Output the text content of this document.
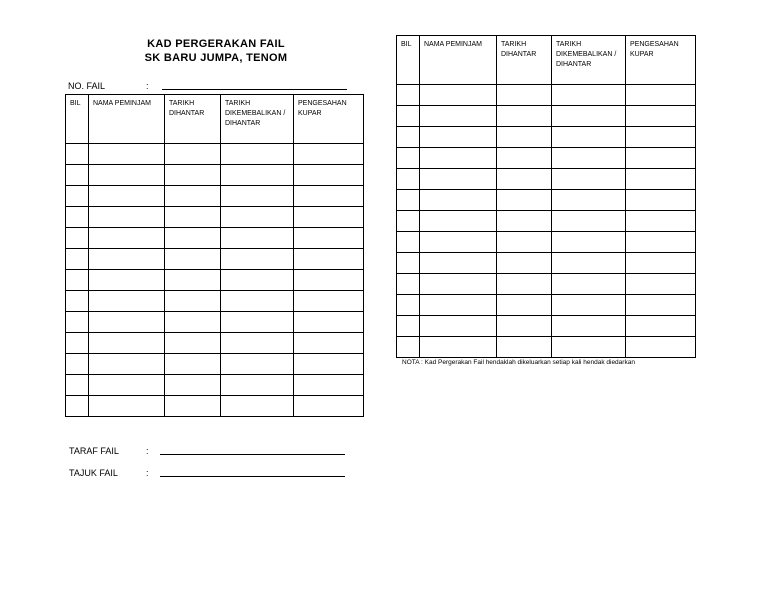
KAD PERGERAKAN FAIL
SK BARU JUMPA, TENOM
NO. FAIL	:
BIL	NAMA PEMINJAM	TARIKH DIHANTAR	TARIKH DIKEMEBALIKAN / DIHANTAR	PENGESAHAN KUPAR

TARAF FAIL	:
TAJUK FAIL	:
BIL	NAMA PEMINJAM	TARIKH DIHANTAR	TARIKH DIKEMEBALIKAN / DIHANTAR	PENGESAHAN KUPAR

NOTA : Kad Pergerakan Fail hendaklah dikeluarkan setiap kali hendak diedarkan
